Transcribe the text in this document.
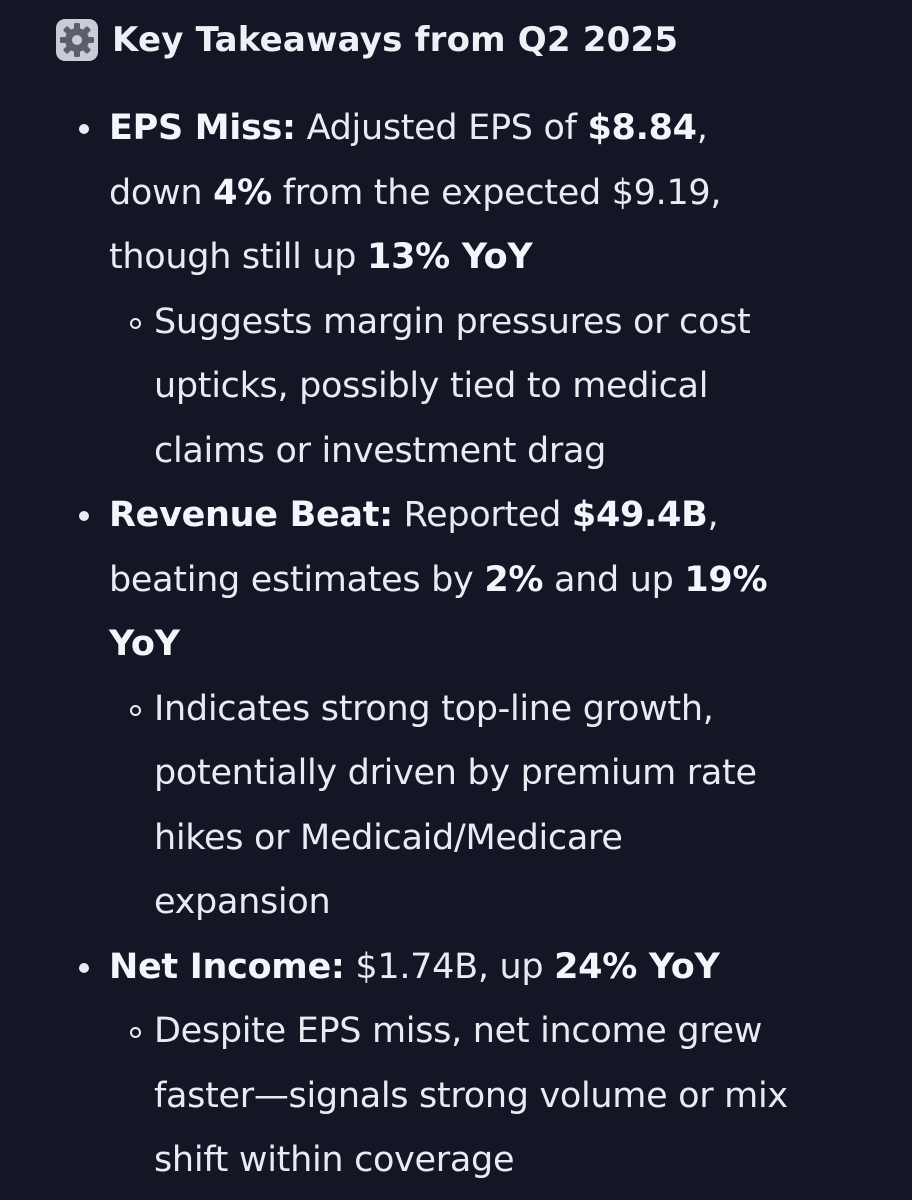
Key Takeaways from Q2 2025
EPS Miss: Adjusted EPS of $8.84,
down 4% from the expected $9.19,
though still up 13% YoY
Suggests margin pressures or cost
upticks, possibly tied to medical
claims or investment drag
Revenue Beat: Reported $49.4B,
beating estimates by 2% and up 19%
YoY
Indicates strong top-line growth,
potentially driven by premium rate
hikes or Medicaid/Medicare
expansion
Net Income: $1.74B, up 24% YoY
Despite EPS miss, net income grew
faster—signals strong volume or mix
shift within coverage
